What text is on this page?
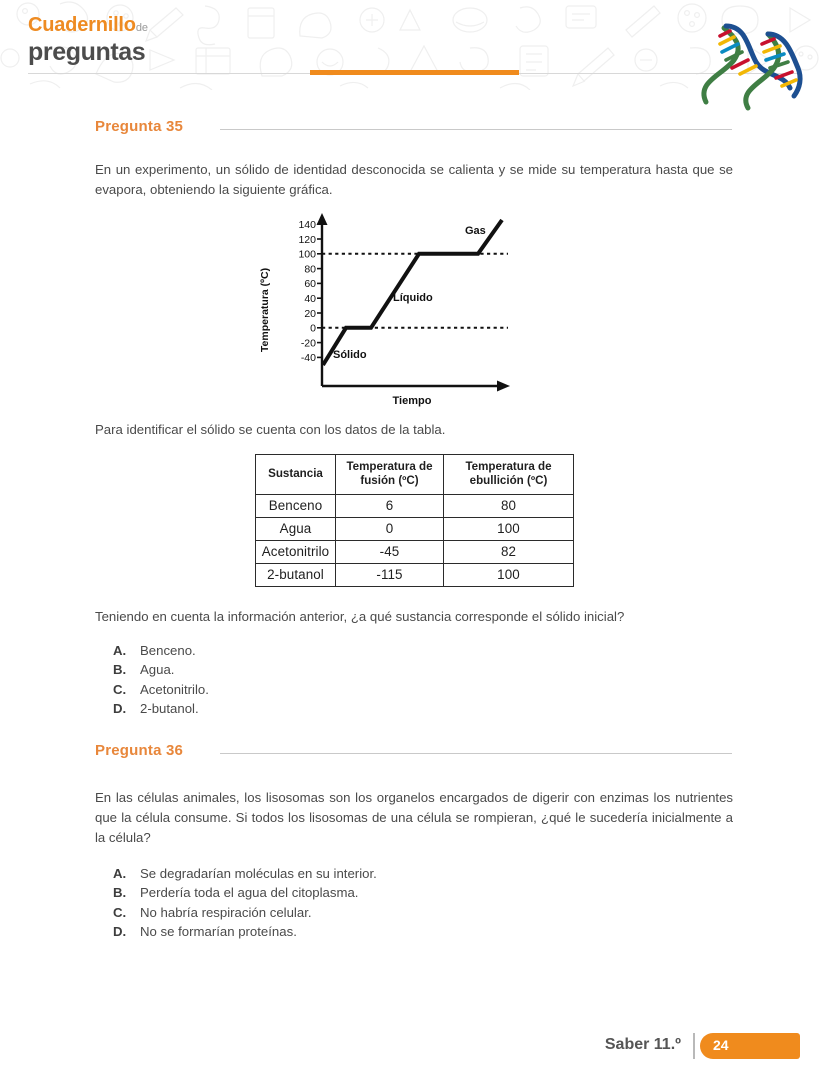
Cuadernillode
preguntas
Pregunta 35

En un experimento, un sólido de identidad desconocida se calienta y se mide su temperatura hasta que se evapora, obteniendo la siguiente gráfica.

Temperatura (ºC)
140
120
100
80
60
40
20
0
-20
-40 Sólido
Líquido
Gas
Tiempo

Para identificar el sólido se cuenta con los datos de la tabla.

Sustancia	Temperatura de fusión (ºC)	Temperatura de ebullición (ºC)
Benceno	6	80
Agua	0	100
Acetonitrilo	-45	82
2-butanol	-115	100

Teniendo en cuenta la información anterior, ¿a qué sustancia corresponde el sólido inicial?

A.	Benceno.
B.	Agua.
C.	Acetonitrilo.
D.	2-butanol.
Pregunta 36

En las células animales, los lisosomas son los organelos encargados de digerir con enzimas los nutrientes que la célula consume. Si todos los lisosomas de una célula se rompieran, ¿qué le sucedería inicialmente a la célula?

A.	Se degradarían moléculas en su interior.
B.	Perdería toda el agua del citoplasma.
C.	No habría respiración celular.
D.	No se formarían proteínas.
Saber 11.º 24
